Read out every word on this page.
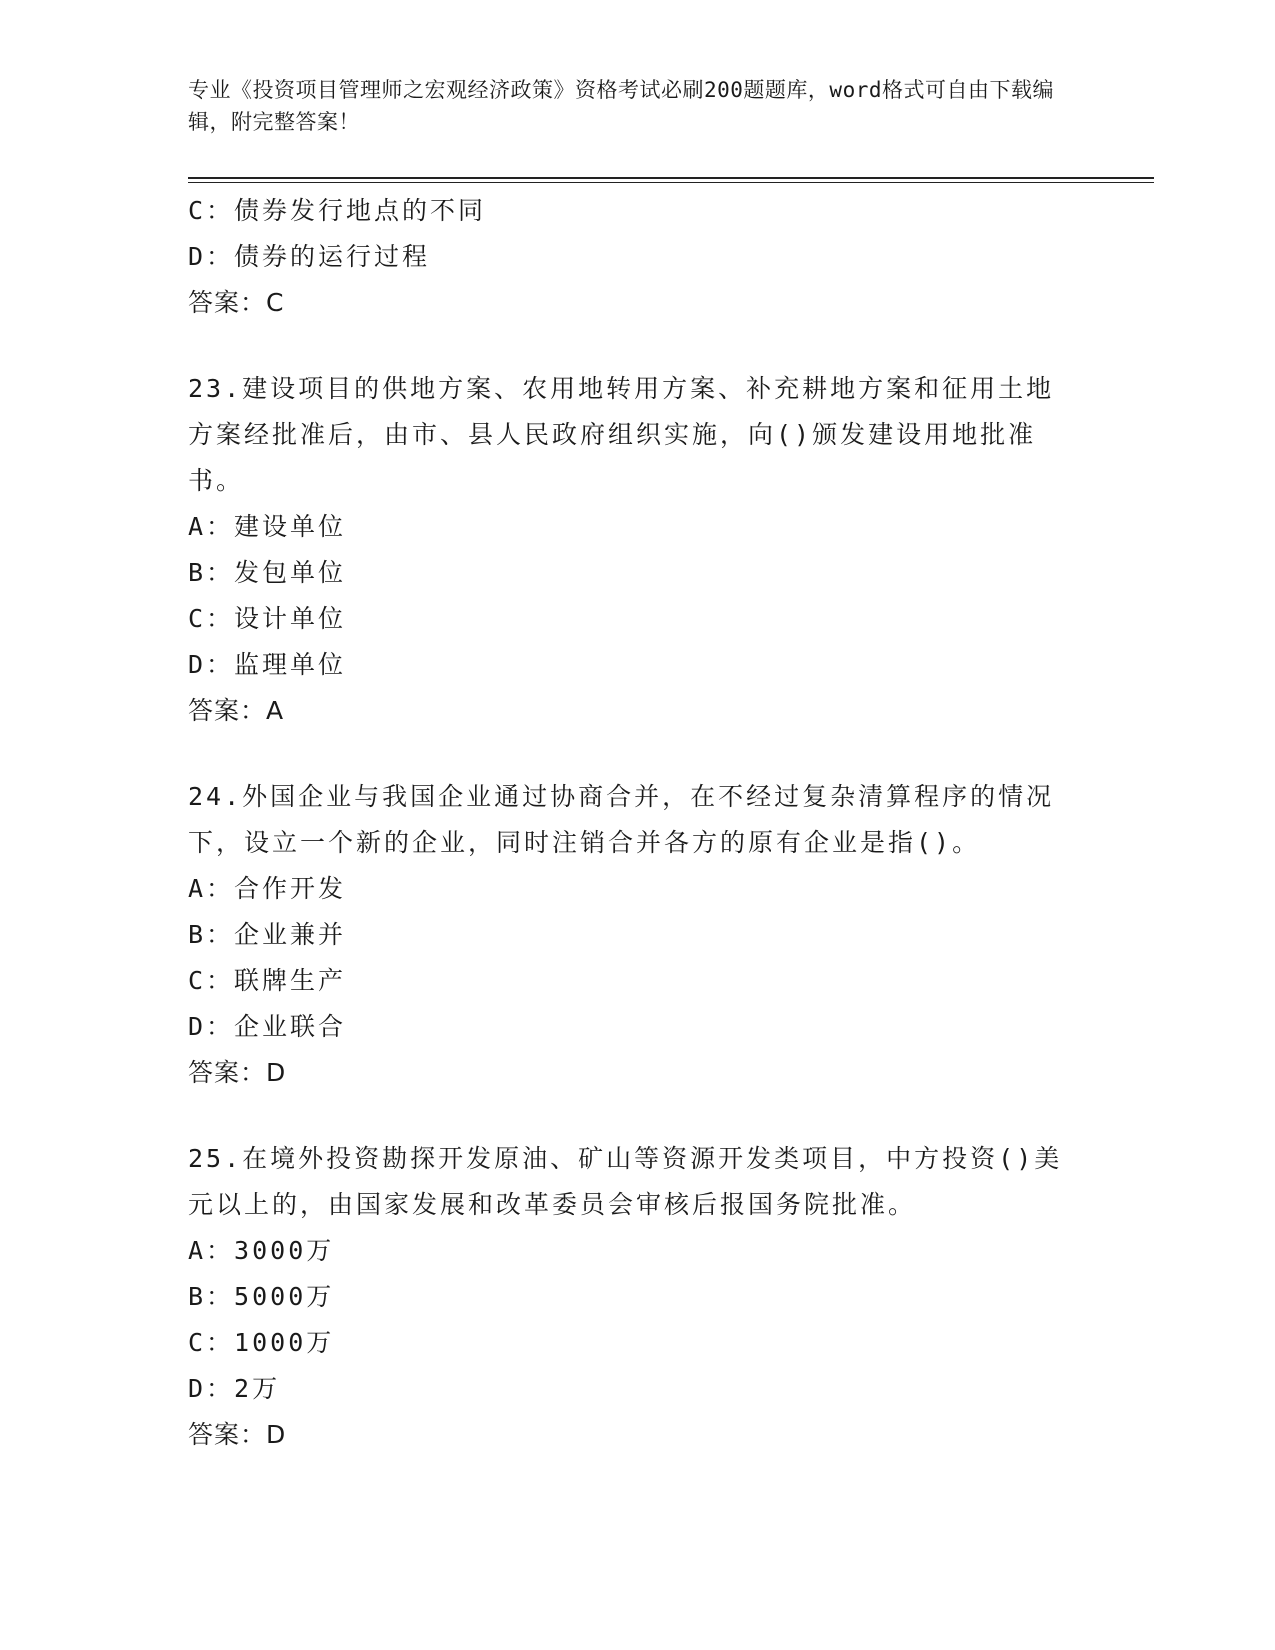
专业《投资项目管理师之宏观经济政策》资格考试必刷200题题库，word格式可自由下载编辑，附完整答案！
C：债券发行地点的不同
D：债券的运行过程
答案：C
23.建设项目的供地方案、农用地转用方案、补充耕地方案和征用土地方案经批准后，由市、县人民政府组织实施，向()颁发建设用地批准书。
A：建设单位
B：发包单位
C：设计单位
D：监理单位
答案：A
24.外国企业与我国企业通过协商合并，在不经过复杂清算程序的情况下，设立一个新的企业，同时注销合并各方的原有企业是指()。
A：合作开发
B：企业兼并
C：联牌生产
D：企业联合
答案：D
25.在境外投资勘探开发原油、矿山等资源开发类项目，中方投资()美元以上的，由国家发展和改革委员会审核后报国务院批准。
A：3000万
B：5000万
C：1000万
D：2万
答案：D
